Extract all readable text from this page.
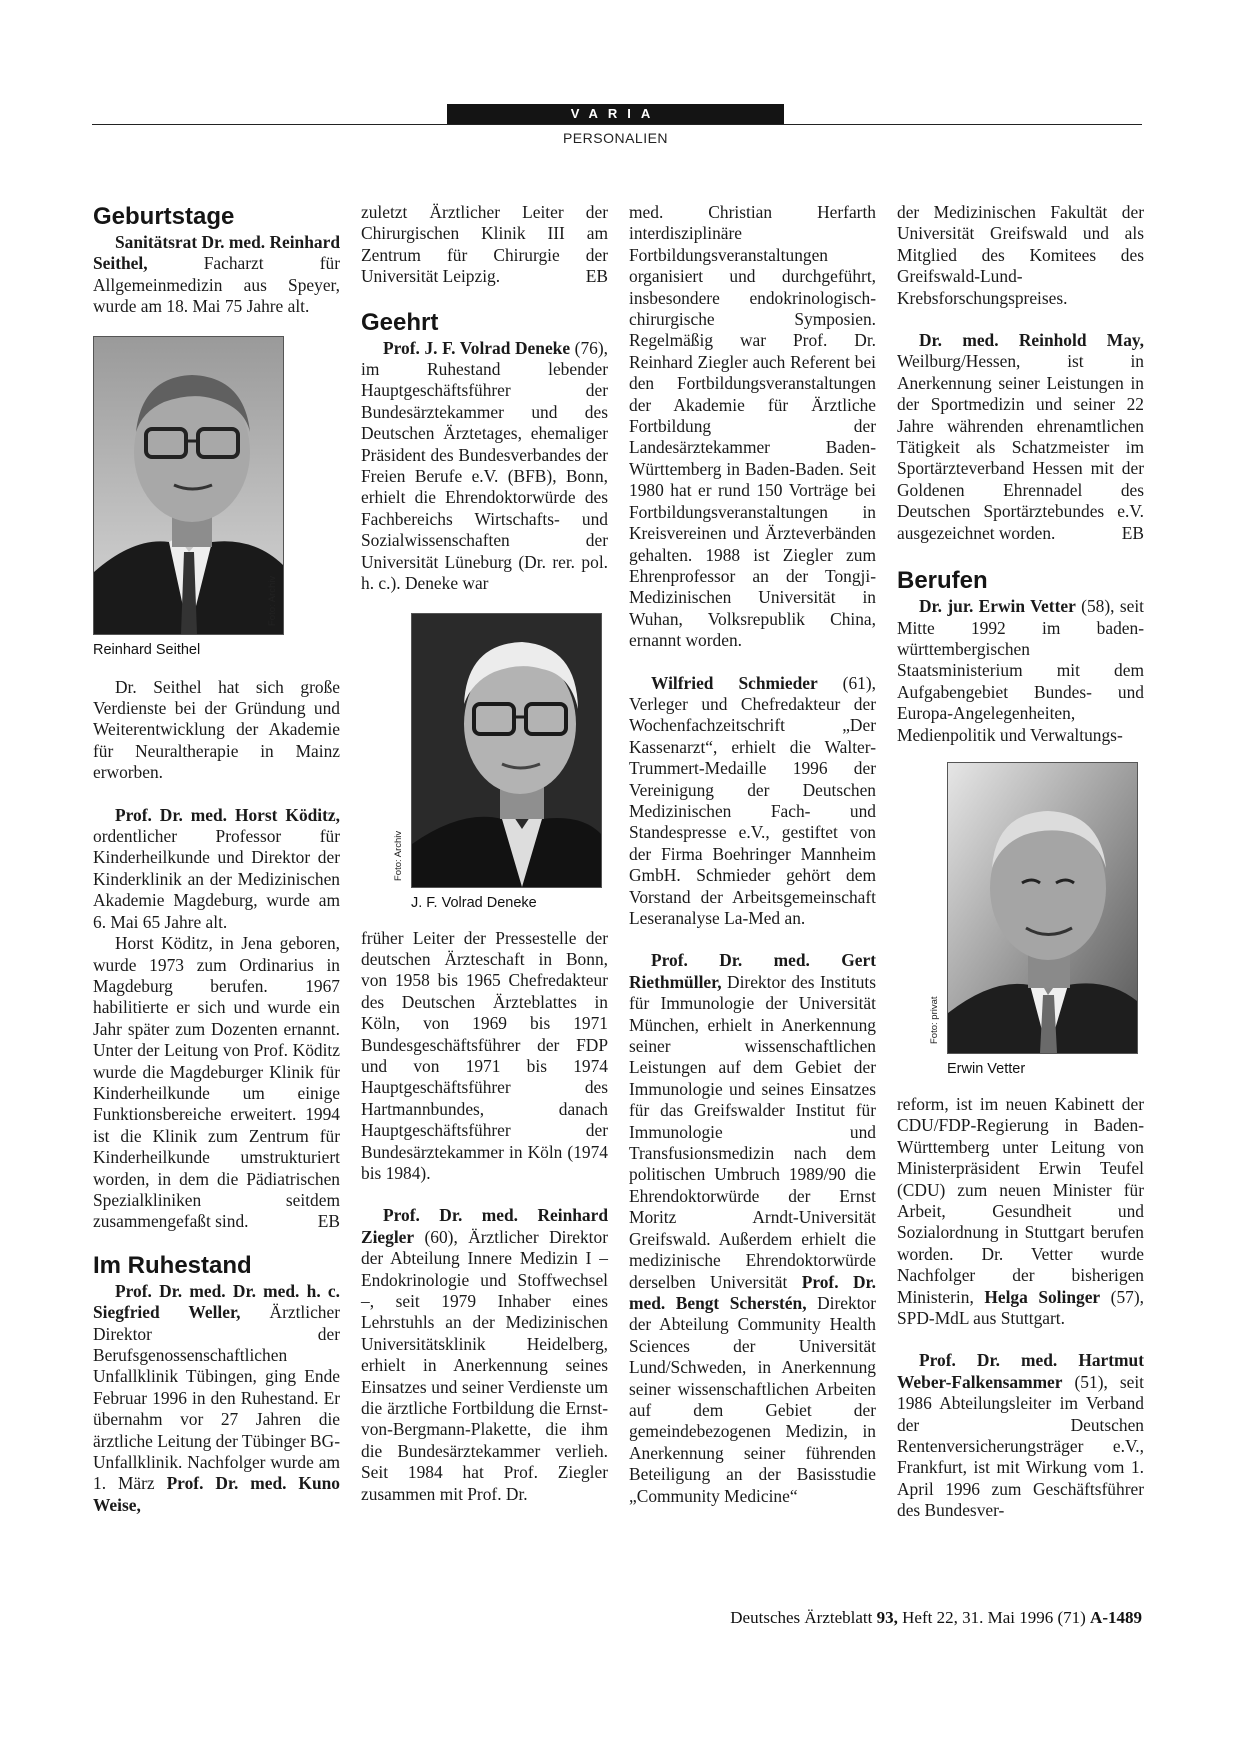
VARIA
PERSONALIEN
Geburtstage

Sanitätsrat Dr. med. Reinhard Seithel, Facharzt für Allgemeinmedizin aus Speyer, wurde am 18. Mai 75 Jahre alt.

Foto: Archiv
Reinhard Seithel

Dr. Seithel hat sich große Verdienste bei der Gründung und Weiterentwicklung der Akademie für Neuraltherapie in Mainz erworben.

Prof. Dr. med. Horst Köditz, ordentlicher Professor für Kinderheilkunde und Direktor der Kinderklinik an der Medizinischen Akademie Magdeburg, wurde am 6. Mai 65 Jahre alt.

Horst Köditz, in Jena geboren, wurde 1973 zum Ordinarius in Magdeburg berufen. 1967 habilitierte er sich und wurde ein Jahr später zum Dozenten ernannt. Unter der Leitung von Prof. Köditz wurde die Magdeburger Klinik für Kinderheilkunde um einige Funktionsbereiche erweitert. 1994 ist die Klinik zum Zentrum für Kinderheilkunde umstrukturiert worden, in dem die Pädiatrischen Spezialkliniken seitdem zusammengefaßt sind.	EB

Im Ruhestand

Prof. Dr. med. Dr. med. h. c. Siegfried Weller, Ärztlicher Direktor der Berufsgenossenschaftlichen Unfallklinik Tübingen, ging Ende Februar 1996 in den Ruhestand. Er übernahm vor 27 Jahren die ärztliche Leitung der Tübinger BG-Unfallklinik. Nachfolger wurde am 1. März Prof. Dr. med. Kuno Weise,

zuletzt Ärztlicher Leiter der Chirurgischen Klinik III am Zentrum für Chirurgie der Universität Leipzig.	EB

Geehrt

Prof. J. F. Volrad Deneke (76), im Ruhestand lebender Hauptgeschäftsführer der Bundesärztekammer und des Deutschen Ärztetages, ehemaliger Präsident des Bundesverbandes der Freien Berufe e.V. (BFB), Bonn, erhielt die Ehrendoktorwürde des Fachbereichs Wirtschafts- und Sozialwissenschaften der Universität Lüneburg (Dr. rer. pol. h. c.). Deneke war

Foto: Archiv
J. F. Volrad Deneke

früher Leiter der Pressestelle der deutschen Ärzteschaft in Bonn, von 1958 bis 1965 Chefredakteur des Deutschen Ärzteblattes in Köln, von 1969 bis 1971 Bundesgeschäftsführer der FDP und von 1971 bis 1974 Hauptgeschäftsführer des Hartmannbundes, danach Hauptgeschäftsführer der Bundesärztekammer in Köln (1974 bis 1984).

Prof. Dr. med. Reinhard Ziegler (60), Ärztlicher Direktor der Abteilung Innere Medizin I – Endokrinologie und Stoffwechsel –, seit 1979 Inhaber eines Lehrstuhls an der Medizinischen Universitätsklinik Heidelberg, erhielt in Anerkennung seines Einsatzes und seiner Verdienste um die ärztliche Fortbildung die Ernst-von-Bergmann-Plakette, die ihm die Bundesärztekammer verlieh. Seit 1984 hat Prof. Ziegler zusammen mit Prof. Dr.

med. Christian Herfarth interdisziplinäre Fortbildungsveranstaltungen organisiert und durchgeführt, insbesondere endokrinologisch-chirurgische Symposien. Regelmäßig war Prof. Dr. Reinhard Ziegler auch Referent bei den Fortbildungsveranstaltungen der Akademie für Ärztliche Fortbildung der Landesärztekammer Baden-Württemberg in Baden-Baden. Seit 1980 hat er rund 150 Vorträge bei Fortbildungsveranstaltungen in Kreisvereinen und Ärzteverbänden gehalten. 1988 ist Ziegler zum Ehrenprofessor an der Tongji-Medizinischen Universität in Wuhan, Volksrepublik China, ernannt worden.

Wilfried Schmieder (61), Verleger und Chefredakteur der Wochenfachzeitschrift „Der Kassenarzt“, erhielt die Walter-Trummert-Medaille 1996 der Vereinigung der Deutschen Medizinischen Fach- und Standespresse e.V., gestiftet von der Firma Boehringer Mannheim GmbH. Schmieder gehört dem Vorstand der Arbeitsgemeinschaft Leseranalyse La-Med an.

Prof. Dr. med. Gert Riethmüller, Direktor des Instituts für Immunologie der Universität München, erhielt in Anerkennung seiner wissenschaftlichen Leistungen auf dem Gebiet der Immunologie und seines Einsatzes für das Greifswalder Institut für Immunologie und Transfusionsmedizin nach dem politischen Umbruch 1989/90 die Ehrendoktorwürde der Ernst Moritz Arndt-Universität Greifswald. Außerdem erhielt die medizinische Ehrendoktorwürde derselben Universität Prof. Dr. med. Bengt Scherstén, Direktor der Abteilung Community Health Sciences der Universität Lund/Schweden, in Anerkennung seiner wissenschaftlichen Arbeiten auf dem Gebiet der gemeindebezogenen Medizin, in Anerkennung seiner führenden Beteiligung an der Basisstudie „Community Medicine“

der Medizinischen Fakultät der Universität Greifswald und als Mitglied des Komitees des Greifswald-Lund-Krebsforschungspreises.

Dr. med. Reinhold May, Weilburg/Hessen, ist in Anerkennung seiner Leistungen in der Sportmedizin und seiner 22 Jahre währenden ehrenamtlichen Tätigkeit als Schatzmeister im Sportärzteverband Hessen mit der Goldenen Ehrennadel des Deutschen Sportärztebundes e.V. ausgezeichnet worden.	EB

Berufen

Dr. jur. Erwin Vetter (58), seit Mitte 1992 im baden-württembergischen Staatsministerium mit dem Aufgabengebiet Bundes- und Europa-Angelegenheiten, Medienpolitik und Verwaltungs-

Foto: privat
Erwin Vetter

reform, ist im neuen Kabinett der CDU/FDP-Regierung in Baden-Württemberg unter Leitung von Ministerpräsident Erwin Teufel (CDU) zum neuen Minister für Arbeit, Gesundheit und Sozialordnung in Stuttgart berufen worden. Dr. Vetter wurde Nachfolger der bisherigen Ministerin, Helga Solinger (57), SPD-MdL aus Stuttgart.

Prof. Dr. med. Hartmut Weber-Falkensammer (51), seit 1986 Abteilungsleiter im Verband der Deutschen Rentenversicherungsträger e.V., Frankfurt, ist mit Wirkung vom 1. April 1996 zum Geschäftsführer des Bundesver-

Deutsches Ärzteblatt 93, Heft 22, 31. Mai 1996 (71) A-1489
